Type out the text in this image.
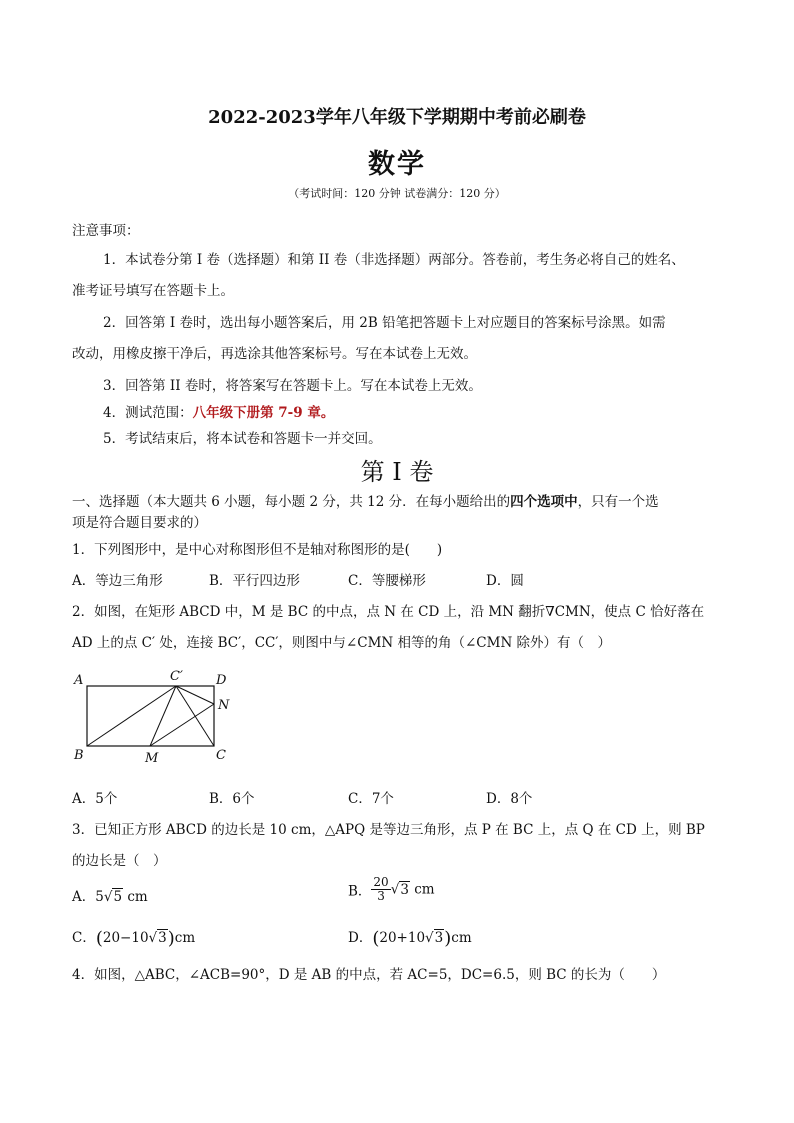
2022-2023学年八年级下学期期中考前必刷卷
数学
（考试时间：120 分钟 试卷满分：120 分）
注意事项：
1．本试卷分第 I 卷（选择题）和第 II 卷（非选择题）两部分。答卷前，考生务必将自己的姓名、
准考证号填写在答题卡上。
2．回答第 I 卷时，选出每小题答案后，用 2B 铅笔把答题卡上对应题目的答案标号涂黑。如需
改动，用橡皮擦干净后，再选涂其他答案标号。写在本试卷上无效。
3．回答第 II 卷时，将答案写在答题卡上。写在本试卷上无效。
4．测试范围：八年级下册第 7-9 章。
5．考试结束后，将本试卷和答题卡一并交回。
第 I 卷
一、选择题（本大题共 6 小题，每小题 2 分，共 12 分．在每小题给出的四个选项中，只有一个选
项是符合题目要求的）
1．下列图形中，是中心对称图形但不是轴对称图形的是(　　)
A．等边三角形	B．平行四边形	C．等腰梯形	D．圆
2．如图，在矩形 ABCD 中，M 是 BC 的中点，点 N 在 CD 上，沿 MN 翻折∇CMN，使点 C 恰好落在
AD 上的点 C′ 处，连接 BC′，CC′，则图中与∠CMN 相等的角（∠CMN 除外）有（　）
A	C′	D
N
B	M	C
A．5个	B．6个	C．7个	D．8个
3．已知正方形 ABCD 的边长是 10 cm，△APQ 是等边三角形，点 P 在 BC 上，点 Q 在 CD 上，则 BP
的边长是（　）
A．5√5 cm	B． $\frac{20}{3} √3$ cm
C．(20−10√3)cm	D．(20+10√3)cm
4．如图，△ABC，∠ACB=90°，D 是 AB 的中点，若 AC=5，DC=6.5，则 BC 的长为（　　）
